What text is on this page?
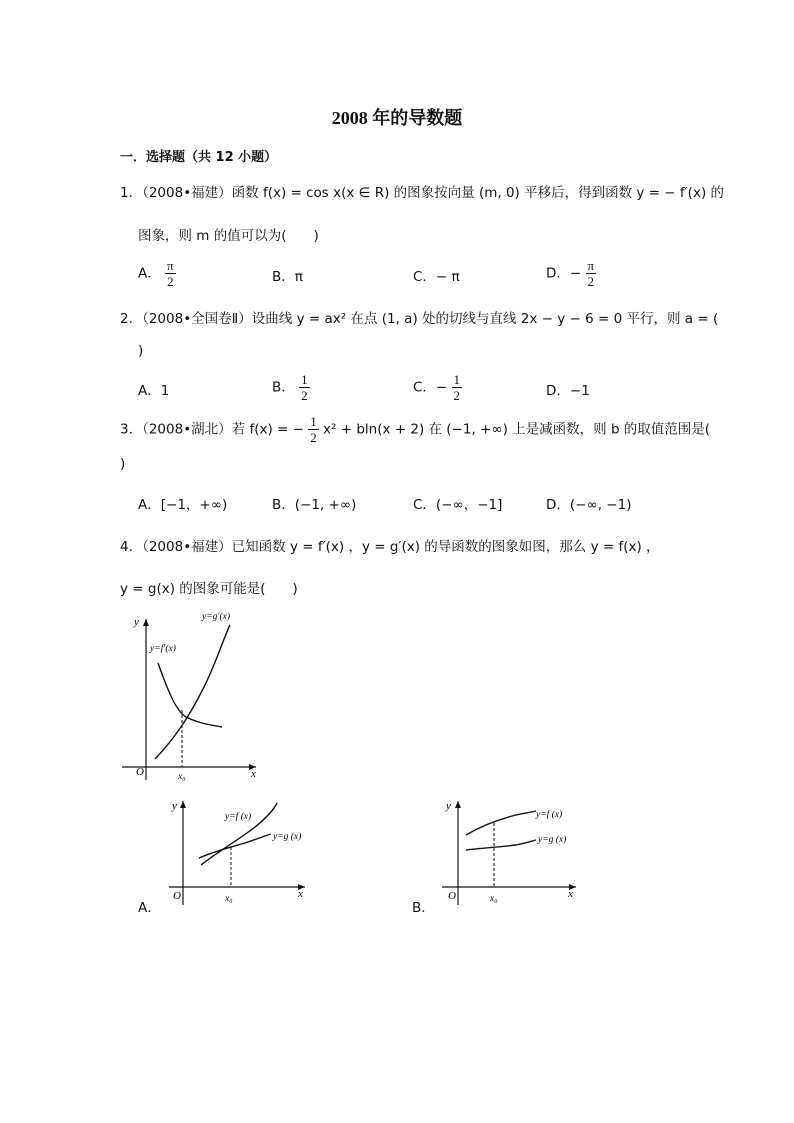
2008 年的导数题
一．选择题（共 12 小题）
1．（2008•福建）函数 f(x) = cos x(x ∈ R) 的图象按向量 (m, 0) 平移后，得到函数 y = − f′(x) 的
图象，则 m 的值可以为(　　)
A． $\frac{\pi}{2}$	B．π	C．− π	D．− $\frac{\pi}{2}$
2．（2008•全国卷Ⅱ）设曲线 y = ax² 在点 (1, a) 处的切线与直线 2x − y − 6 = 0 平行，则 a = (
)
A．1	B． $\frac{1}{2}$	C．− $\frac{1}{2}$	D．−1
3．（2008•湖北）若 f(x) = − $\frac{1}{2} x^2 + bln(x + 2)$ 在 (−1, +∞) 上是减函数，则 b 的取值范围是(
)
A．[−1，+∞)	B．(−1, +∞)	C．(−∞，−1]	D．(−∞, −1)
4．（2008•福建）已知函数 y = f′(x) ，y = g′(x) 的导函数的图象如图，那么 y = f(x) ，
y = g(x) 的图象可能是(　　)
y=g′(x)
y=f′(x)
x
y
O	x₀
A．
y=f (x)
y=g (x)
x
y
O	x₀
B．
y=f (x)
y=g (x)
x
y
O	x₀
